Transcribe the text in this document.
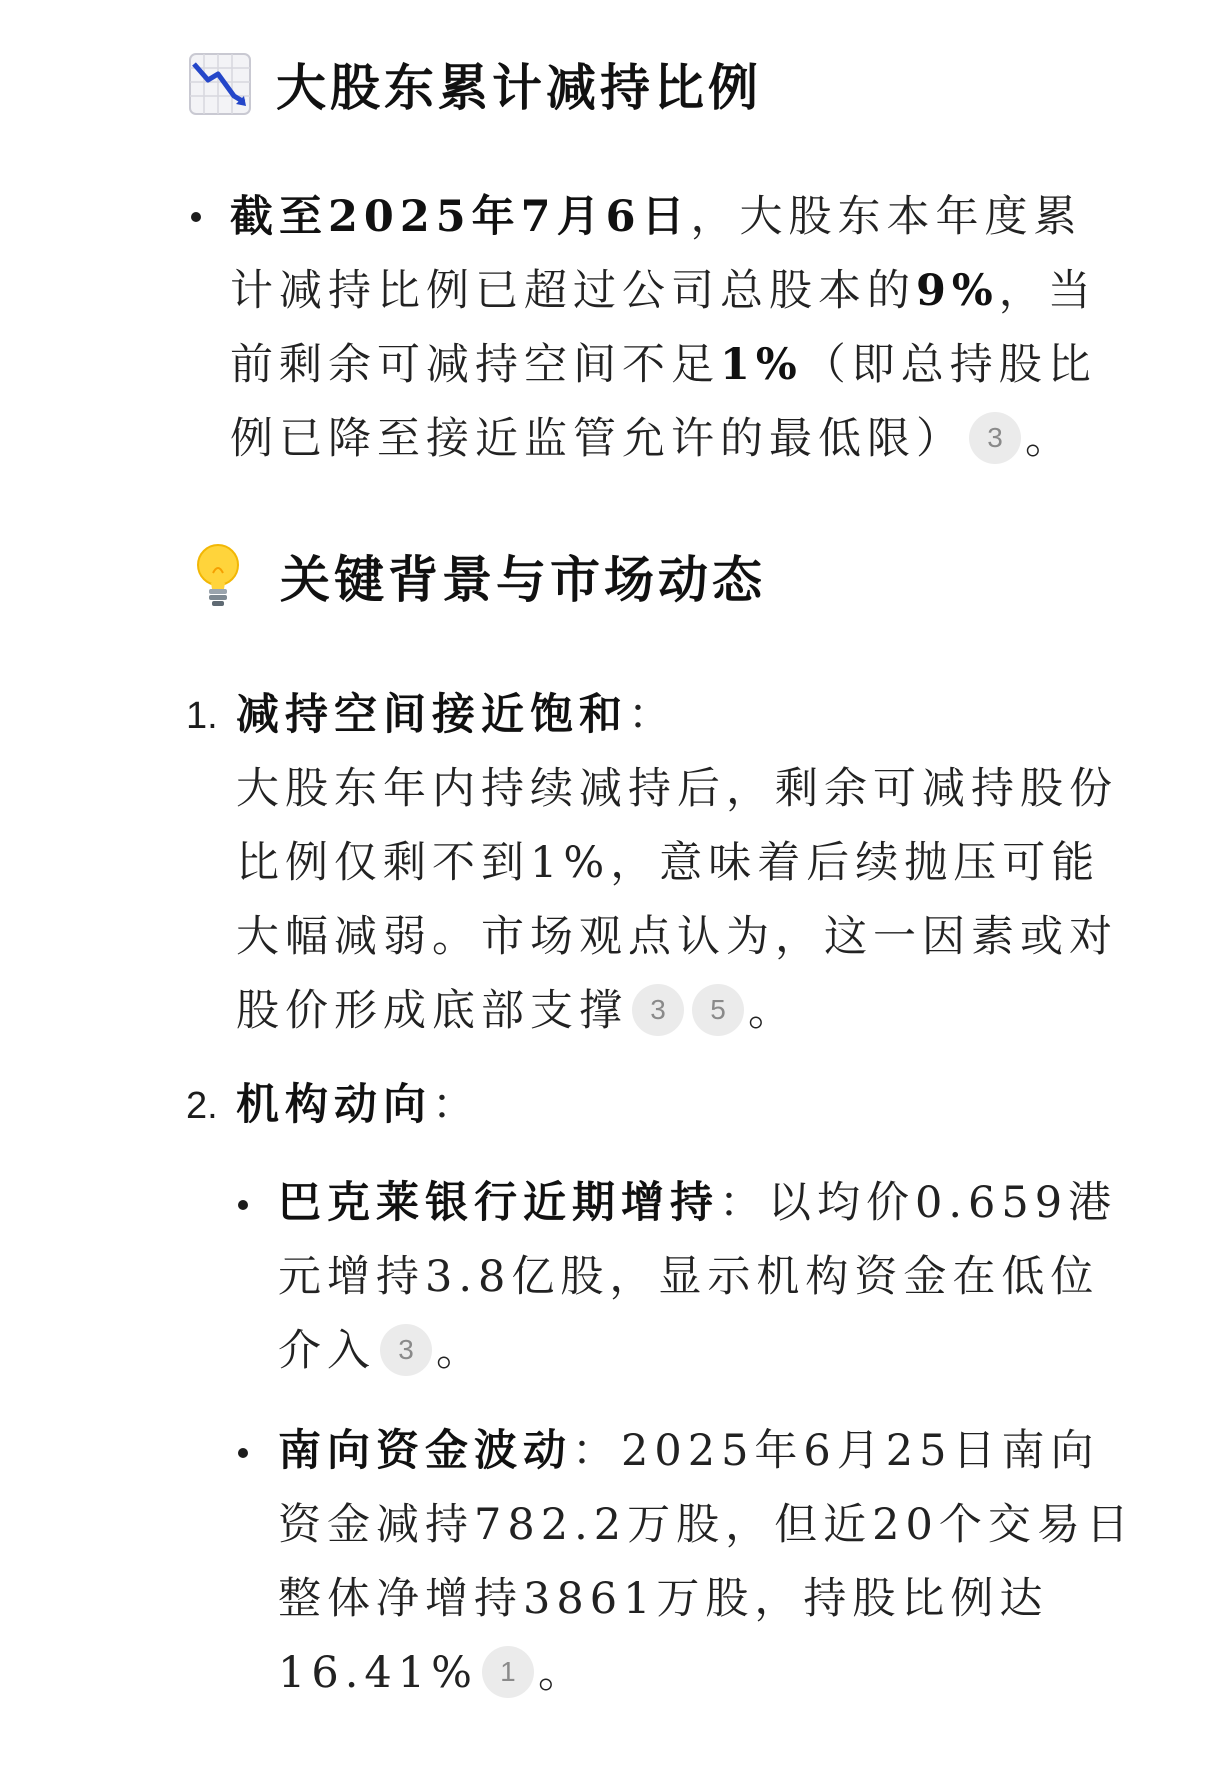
大股东累计减持比例
截至2025年7月6日，大股东本年度累计减持比例已超过公司总股本的9%，当前剩余可减持空间不足1%（即总持股比例已降至接近监管允许的最低限） 3 。
关键背景与市场动态
1. 减持空间接近饱和：
大股东年内持续减持后，剩余可减持股份比例仅剩不到1%，意味着后续抛压可能大幅减弱。市场观点认为，这一因素或对股价形成底部支撑 3 5 。
2. 机构动向：
巴克莱银行近期增持：以均价0.659港元增持3.8亿股，显示机构资金在低位介入 3 。
南向资金波动：2025年6月25日南向资金减持782.2万股，但近20个交易日整体净增持3861万股，持股比例达16.41% 1 。
